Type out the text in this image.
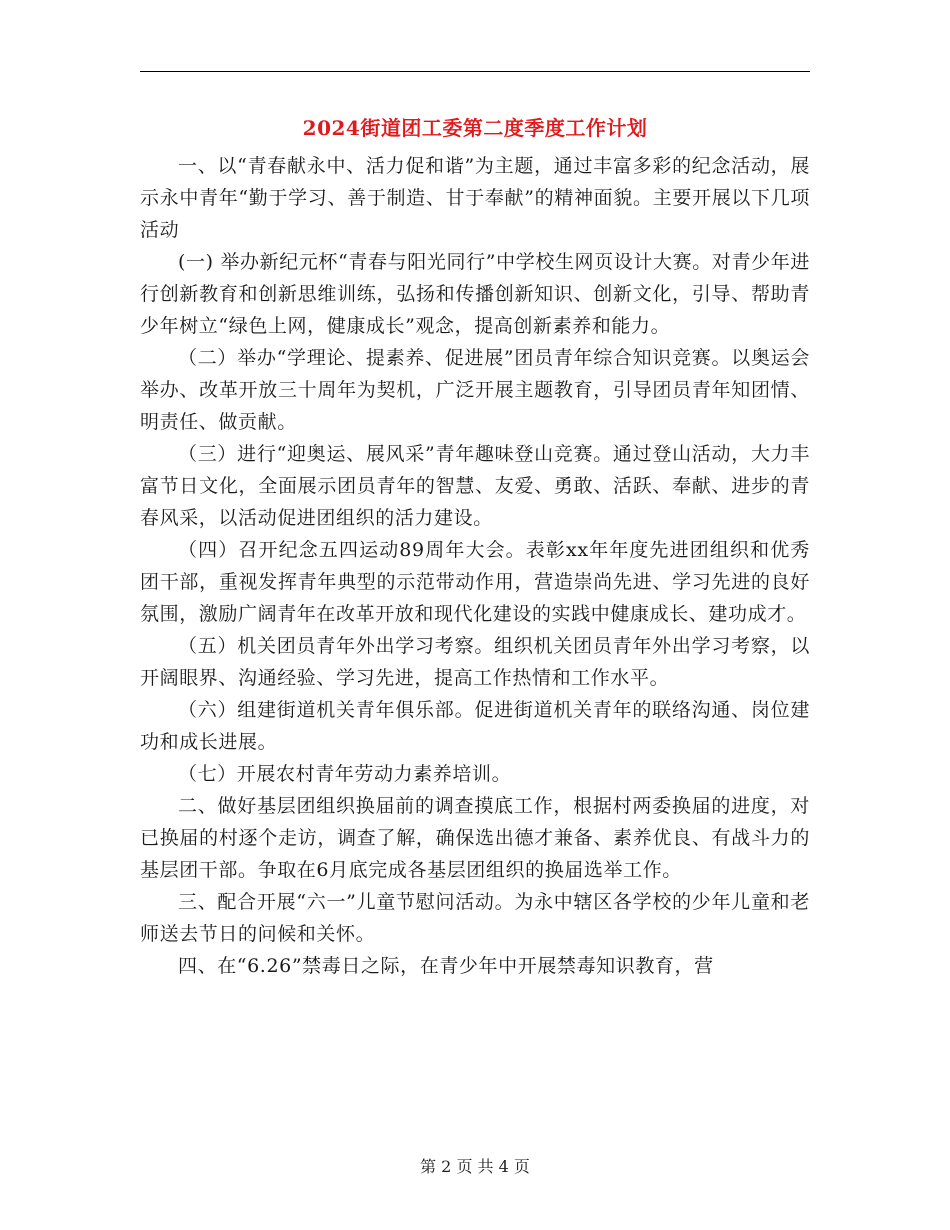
2024街道团工委第二度季度工作计划

一、以“青春献永中、活力促和谐”为主题，通过丰富多彩的纪念活动，展示永中青年“勤于学习、善于制造、甘于奉献”的精神面貌。主要开展以下几项活动

(一) 举办新纪元杯“青春与阳光同行”中学校生网页设计大赛。对青少年进行创新教育和创新思维训练，弘扬和传播创新知识、创新文化，引导、帮助青少年树立“绿色上网，健康成长”观念，提高创新素养和能力。

（二）举办“学理论、提素养、促进展”团员青年综合知识竞赛。以奥运会举办、改革开放三十周年为契机，广泛开展主题教育，引导团员青年知团情、明责任、做贡献。

（三）进行“迎奥运、展风采”青年趣味登山竞赛。通过登山活动，大力丰富节日文化，全面展示团员青年的智慧、友爱、勇敢、活跃、奉献、进步的青春风采，以活动促进团组织的活力建设。

（四）召开纪念五四运动89周年大会。表彰xx年年度先进团组织和优秀团干部，重视发挥青年典型的示范带动作用，营造崇尚先进、学习先进的良好氛围，激励广阔青年在改革开放和现代化建设的实践中健康成长、建功成才。

（五）机关团员青年外出学习考察。组织机关团员青年外出学习考察，以开阔眼界、沟通经验、学习先进，提高工作热情和工作水平。

（六）组建街道机关青年俱乐部。促进街道机关青年的联络沟通、岗位建功和成长进展。

（七）开展农村青年劳动力素养培训。

二、做好基层团组织换届前的调查摸底工作，根据村两委换届的进度，对已换届的村逐个走访，调查了解，确保选出德才兼备、素养优良、有战斗力的基层团干部。争取在6月底完成各基层团组织的换届选举工作。

三、配合开展“六一”儿童节慰问活动。为永中辖区各学校的少年儿童和老师送去节日的问候和关怀。

四、在“6.26”禁毒日之际，在青少年中开展禁毒知识教育，营

第 2 页 共 4 页
